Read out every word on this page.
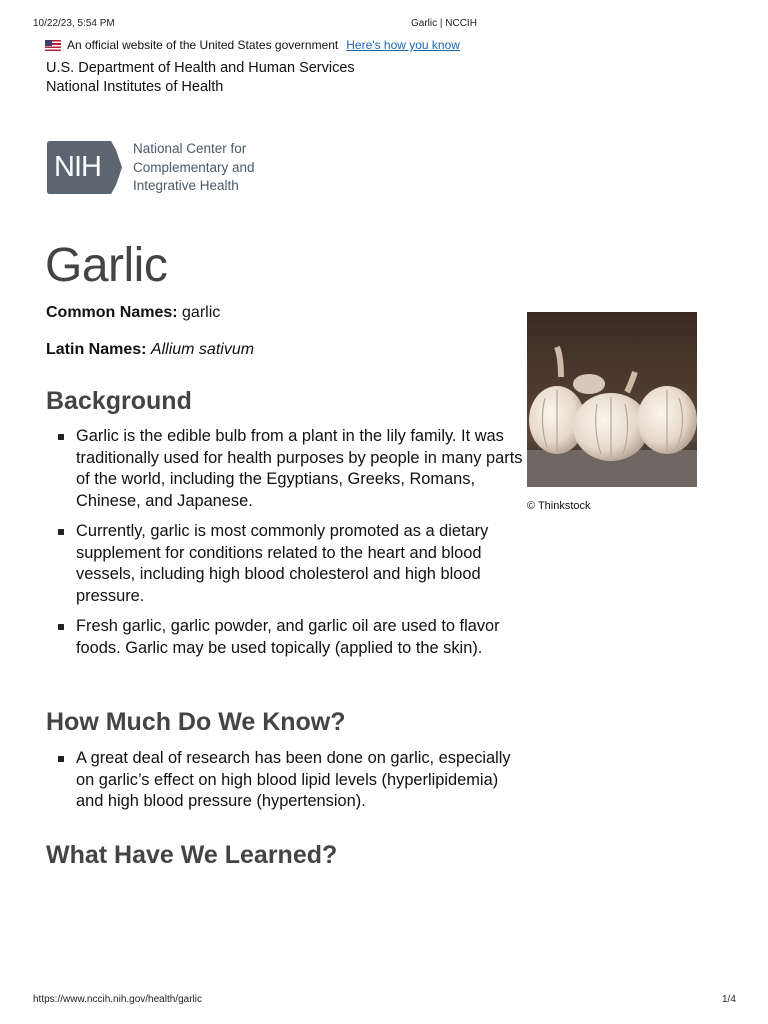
10/22/23, 5:54 PM	Garlic | NCCIH
An official website of the United States government Here's how you know
U.S. Department of Health and Human Services
National Institutes of Health
NIH
National Center for
Complementary and
Integrative Health
Garlic
Common Names: garlic
Latin Names: Allium sativum
© Thinkstock
Background
Garlic is the edible bulb from a plant in the lily family. It was traditionally used for health purposes by people in many parts of the world, including the Egyptians, Greeks, Romans, Chinese, and Japanese.
Currently, garlic is most commonly promoted as a dietary supplement for conditions related to the heart and blood vessels, including high blood cholesterol and high blood pressure.
Fresh garlic, garlic powder, and garlic oil are used to flavor foods. Garlic may be used topically (applied to the skin).
How Much Do We Know?
A great deal of research has been done on garlic, especially on garlic’s effect on high blood lipid levels (hyperlipidemia) and high blood pressure (hypertension).
What Have We Learned?
https://www.nccih.nih.gov/health/garlic	1/4
